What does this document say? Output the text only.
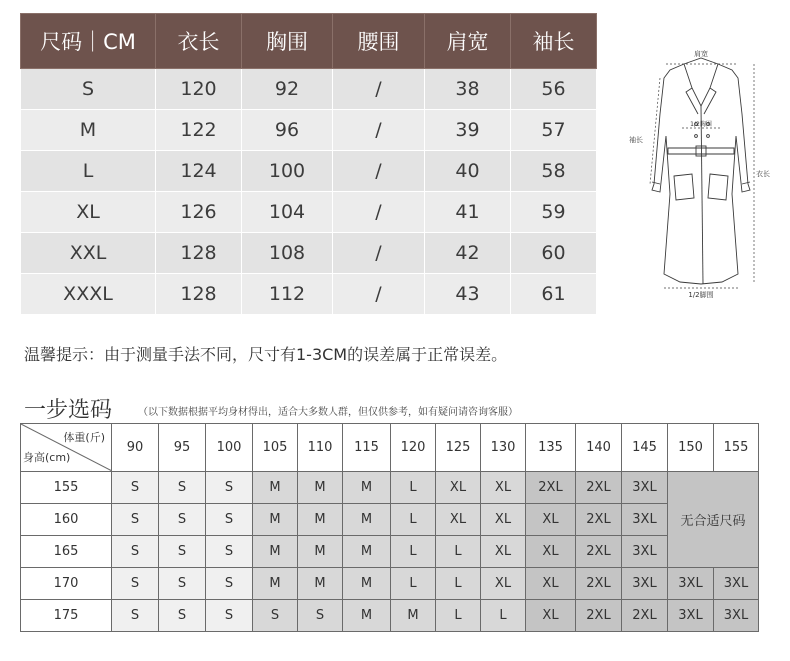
尺码｜CM	衣长	胸围	腰围	肩宽	袖长
S	120	92	/	38	56
M	122	96	/	39	57
L	124	100	/	40	58
XL	126	104	/	41	59
XXL	128	108	/	42	60
XXXL	128	112	/	43	61
肩宽
1/2胸围
袖长
衣长
1/2脚围
温馨提示：由于测量手法不同，尺寸有1-3CM的误差属于正常误差。
一步选码	（以下数据根据平均身材得出，适合大多数人群，但仅供参考，如有疑问请咨询客服）
体重(斤)
身高(cm)	90	95	100	105	110	115	120	125	130	135	140	145	150	155
155	S	S	S	M	M	M	L	XL	XL	2XL	2XL	3XL	无合适尺码	
160	S	S	S	M	M	M	L	XL	XL	XL	2XL	3XL		
165	S	S	S	M	M	M	L	L	XL	XL	2XL	3XL		
170	S	S	S	M	M	M	L	L	XL	XL	2XL	3XL	3XL	3XL
175	S	S	S	S	S	M	M	L	L	XL	2XL	2XL	3XL	3XL
